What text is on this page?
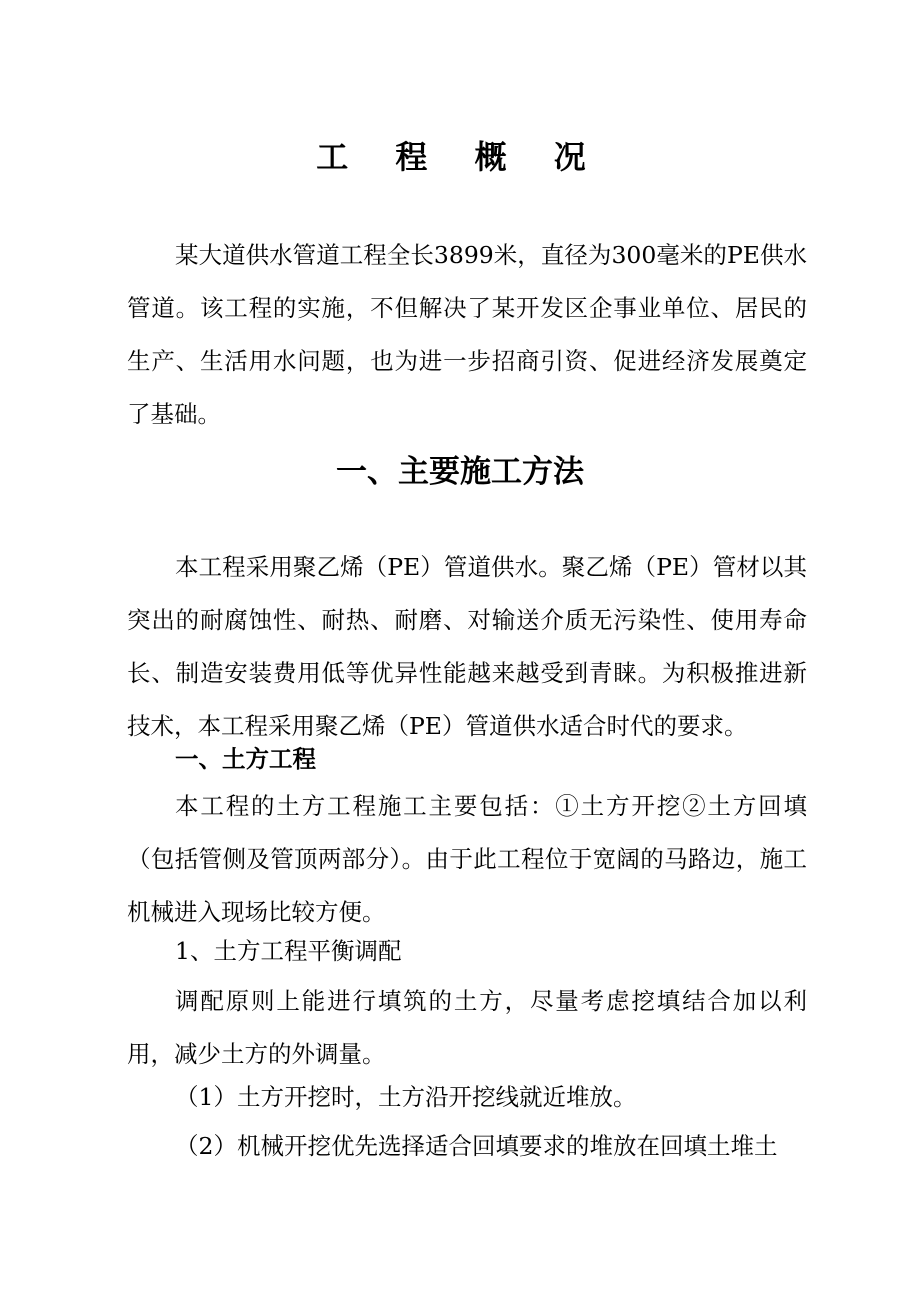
工 程 概 况

某大道供水管道工程全长3899米，直径为300毫米的PE供水管道。该工程的实施，不但解决了某开发区企事业单位、居民的生产、生活用水问题，也为进一步招商引资、促进经济发展奠定了基础。

一、主要施工方法

本工程采用聚乙烯（PE）管道供水。聚乙烯（PE）管材以其突出的耐腐蚀性、耐热、耐磨、对输送介质无污染性、使用寿命长、制造安装费用低等优异性能越来越受到青睐。为积极推进新技术，本工程采用聚乙烯（PE）管道供水适合时代的要求。

一、土方工程

本工程的土方工程施工主要包括：①土方开挖②土方回填（包括管侧及管顶两部分）。由于此工程位于宽阔的马路边，施工机械进入现场比较方便。

1、土方工程平衡调配

调配原则上能进行填筑的土方，尽量考虑挖填结合加以利用，减少土方的外调量。

（1）土方开挖时，土方沿开挖线就近堆放。
（2）机械开挖优先选择适合回填要求的堆放在回填土堆土
